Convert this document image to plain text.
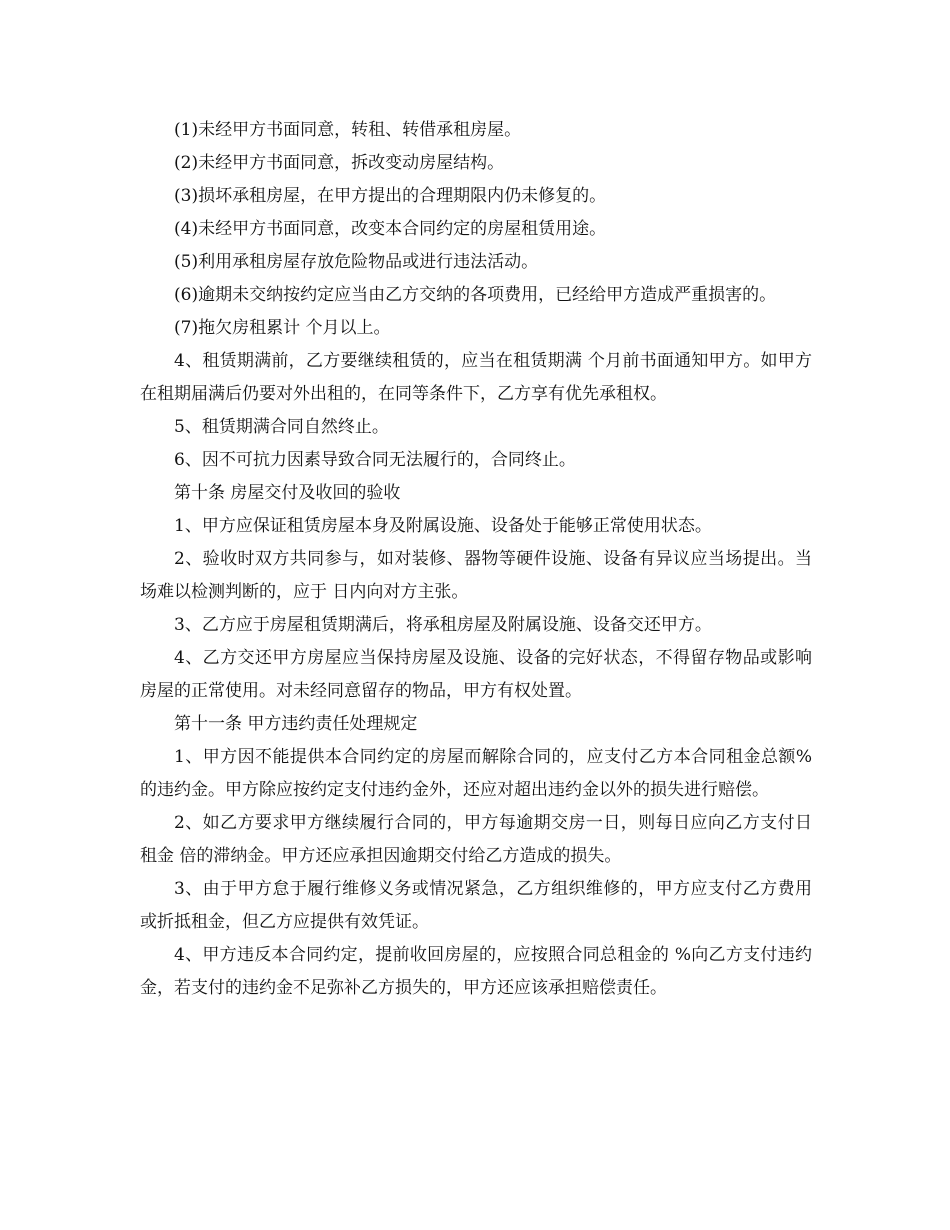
(1)未经甲方书面同意，转租、转借承租房屋。

(2)未经甲方书面同意，拆改变动房屋结构。

(3)损坏承租房屋，在甲方提出的合理期限内仍未修复的。

(4)未经甲方书面同意，改变本合同约定的房屋租赁用途。

(5)利用承租房屋存放危险物品或进行违法活动。

(6)逾期未交纳按约定应当由乙方交纳的各项费用，已经给甲方造成严重损害的。

(7)拖欠房租累计 个月以上。

4、租赁期满前，乙方要继续租赁的，应当在租赁期满 个月前书面通知甲方。如甲方在租期届满后仍要对外出租的，在同等条件下，乙方享有优先承租权。

5、租赁期满合同自然终止。

6、因不可抗力因素导致合同无法履行的，合同终止。

第十条 房屋交付及收回的验收

1、甲方应保证租赁房屋本身及附属设施、设备处于能够正常使用状态。

2、验收时双方共同参与，如对装修、器物等硬件设施、设备有异议应当场提出。当场难以检测判断的，应于 日内向对方主张。

3、乙方应于房屋租赁期满后，将承租房屋及附属设施、设备交还甲方。

4、乙方交还甲方房屋应当保持房屋及设施、设备的完好状态，不得留存物品或影响房屋的正常使用。对未经同意留存的物品，甲方有权处置。

第十一条 甲方违约责任处理规定

1、甲方因不能提供本合同约定的房屋而解除合同的，应支付乙方本合同租金总额%的违约金。甲方除应按约定支付违约金外，还应对超出违约金以外的损失进行赔偿。

2、如乙方要求甲方继续履行合同的，甲方每逾期交房一日，则每日应向乙方支付日租金 倍的滞纳金。甲方还应承担因逾期交付给乙方造成的损失。

3、由于甲方怠于履行维修义务或情况紧急，乙方组织维修的，甲方应支付乙方费用或折抵租金，但乙方应提供有效凭证。

4、甲方违反本合同约定，提前收回房屋的，应按照合同总租金的 %向乙方支付违约金，若支付的违约金不足弥补乙方损失的，甲方还应该承担赔偿责任。
